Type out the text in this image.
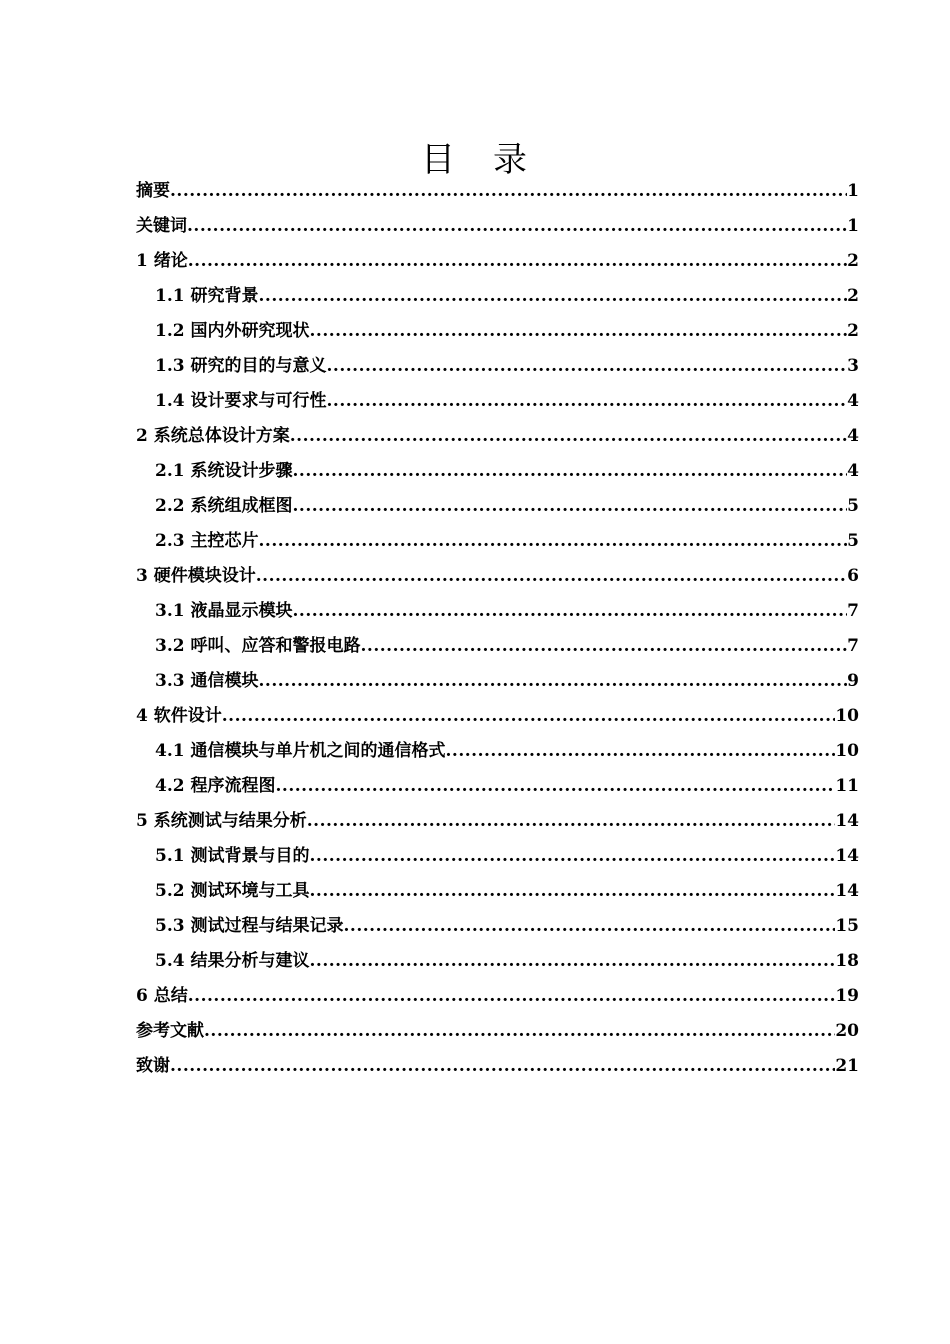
目 录
摘要 .....	1
关键词 .....	1
1 绪论 .....	2
1.1 研究背景 .....	2
1.2 国内外研究现状 .....	2
1.3 研究的目的与意义 .....	3
1.4 设计要求与可行性 .....	4
2 系统总体设计方案 .....	4
2.1 系统设计步骤 .....	4
2.2 系统组成框图 .....	5
2.3 主控芯片 .....	5
3 硬件模块设计 .....	6
3.1 液晶显示模块 .....	7
3.2 呼叫、应答和警报电路 .....	7
3.3 通信模块 .....	9
4 软件设计 .....	10
4.1 通信模块与单片机之间的通信格式 .....	10
4.2 程序流程图 .....	11
5 系统测试与结果分析 .....	14
5.1 测试背景与目的 .....	14
5.2 测试环境与工具 .....	14
5.3 测试过程与结果记录 .....	15
5.4 结果分析与建议 .....	18
6 总结 .....	19
参考文献 .....	20
致谢 .....	21
